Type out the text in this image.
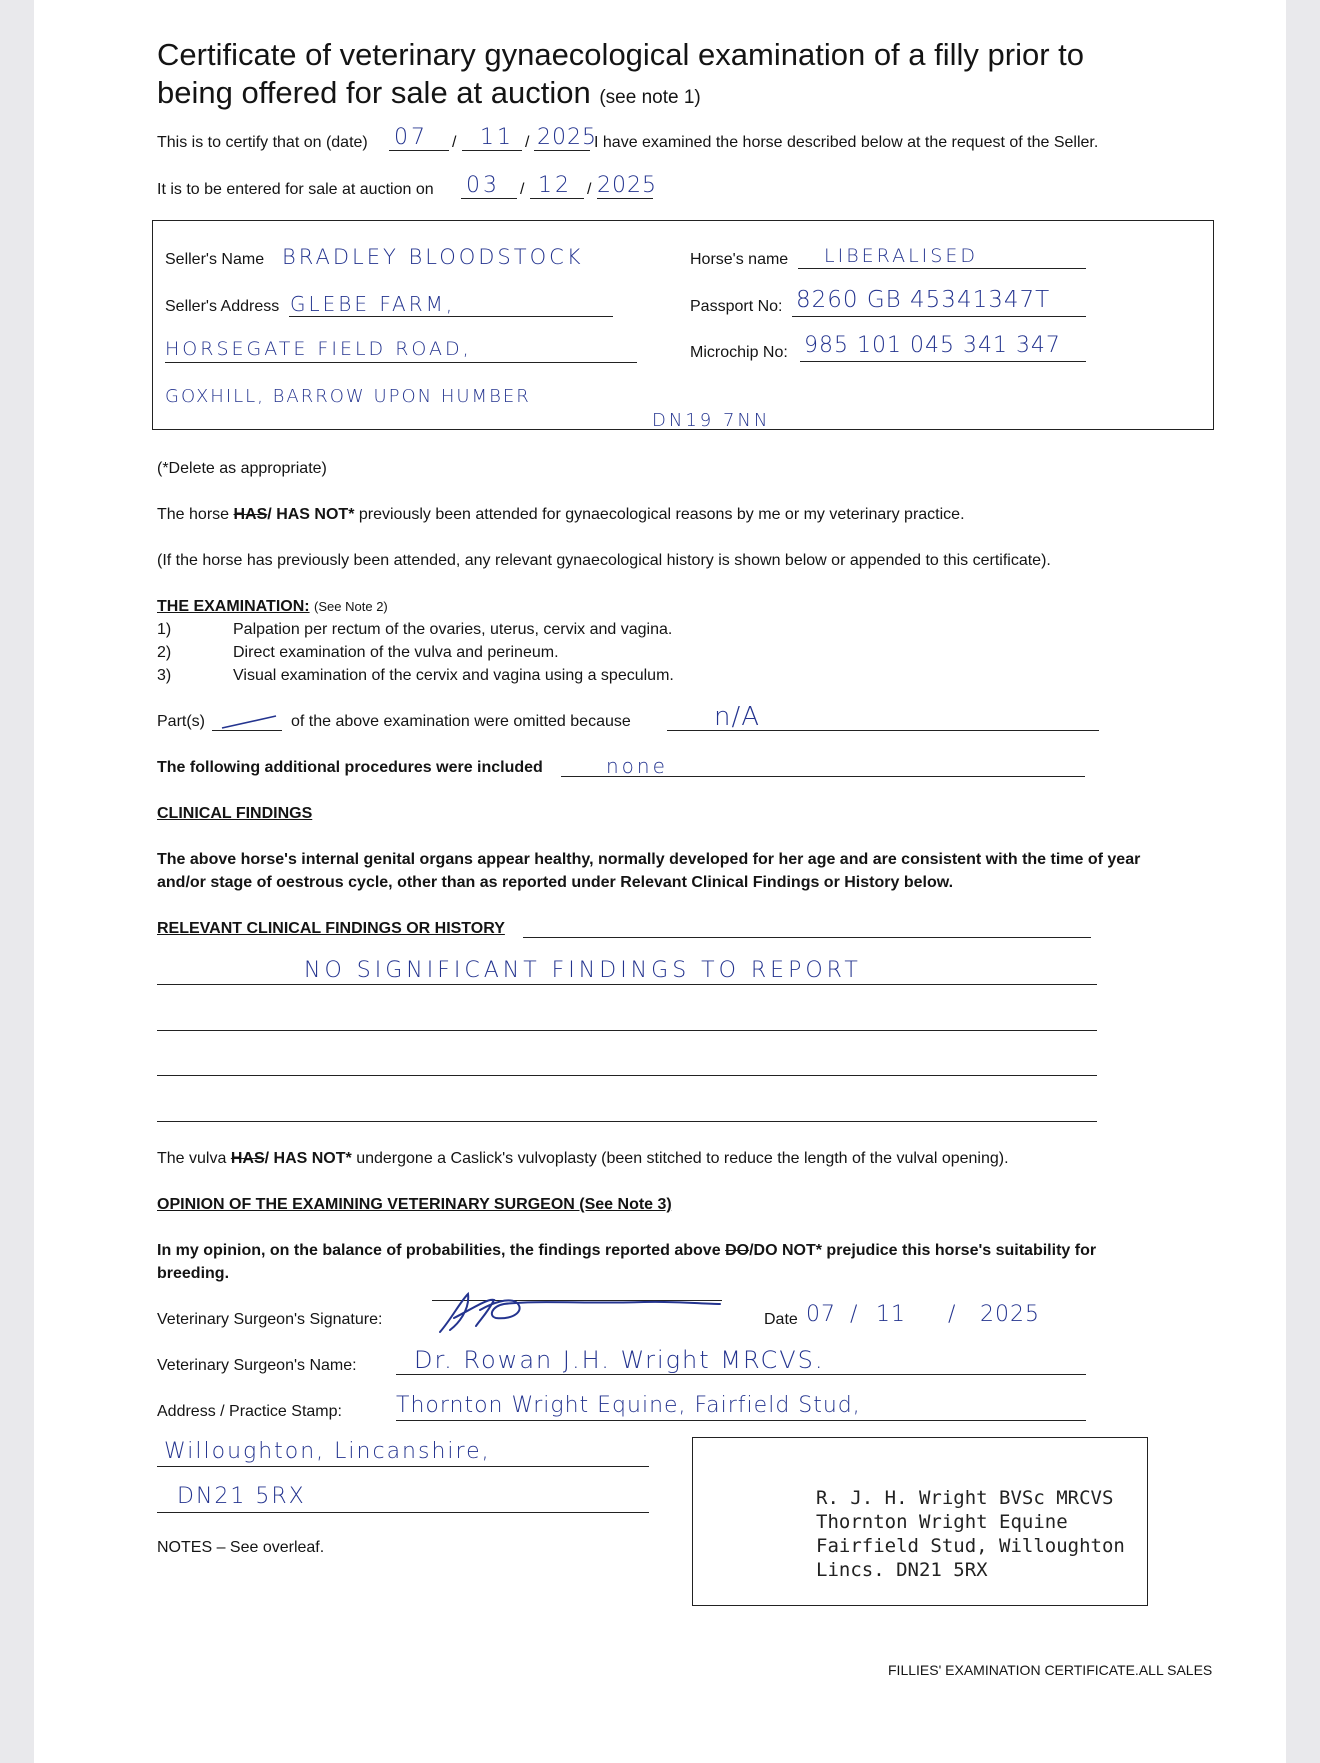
Certificate of veterinary gynaecological examination of a filly prior to
being offered for sale at auction (see note 1)
This is to certify that on (date) 07 / 11 / 2025
I have examined the horse described below at the request of the Seller.
It is to be entered for sale at auction on 03 / 12 / 2025
Seller's Name BRADLEY BLOODSTOCK
Seller's Address GLEBE FARM,
HORSEGATE FIELD ROAD,
GOXHILL, BARROW UPON HUMBER
DN19 7NN
Horse's name LIBERALISED
Passport No: 8260 GB 45341347T
Microchip No: 985 101 045 341 347
(*Delete as appropriate)
The horse HAS/ HAS NOT* previously been attended for gynaecological reasons by me or my veterinary practice.
(If the horse has previously been attended, any relevant gynaecological history is shown below or appended to this certificate).
THE EXAMINATION: (See Note 2)
1)	Palpation per rectum of the ovaries, uterus, cervix and vagina.
2)	Direct examination of the vulva and perineum.
3)	Visual examination of the cervix and vagina using a speculum.
Part(s)	of the above examination were omitted because	n/A
The following additional procedures were included	none
CLINICAL FINDINGS
The above horse's internal genital organs appear healthy, normally developed for her age and are consistent with the time of year
and/or stage of oestrous cycle, other than as reported under Relevant Clinical Findings or History below.
RELEVANT CLINICAL FINDINGS OR HISTORY
NO SIGNIFICANT FINDINGS TO REPORT
The vulva HAS/ HAS NOT* undergone a Caslick's vulvoplasty (been stitched to reduce the length of the vulval opening).
OPINION OF THE EXAMINING VETERINARY SURGEON (See Note 3)
In my opinion, on the balance of probabilities, the findings reported above DO/DO NOT* prejudice this horse's suitability for
breeding.
Veterinary Surgeon's Signature:	Date 07 / 11 / 2025
Veterinary Surgeon's Name: Dr. Rowan J.H. Wright MRCVS.
Address / Practice Stamp: Thornton Wright Equine, Fairfield Stud,
Willoughton, Lincanshire,
DN21 5RX	R. J. H. Wright BVSc MRCVS
Thornton Wright Equine
Fairfield Stud, Willoughton
Lincs. DN21 5RX
NOTES – See overleaf.
FILLIES' EXAMINATION CERTIFICATE.ALL SALES
